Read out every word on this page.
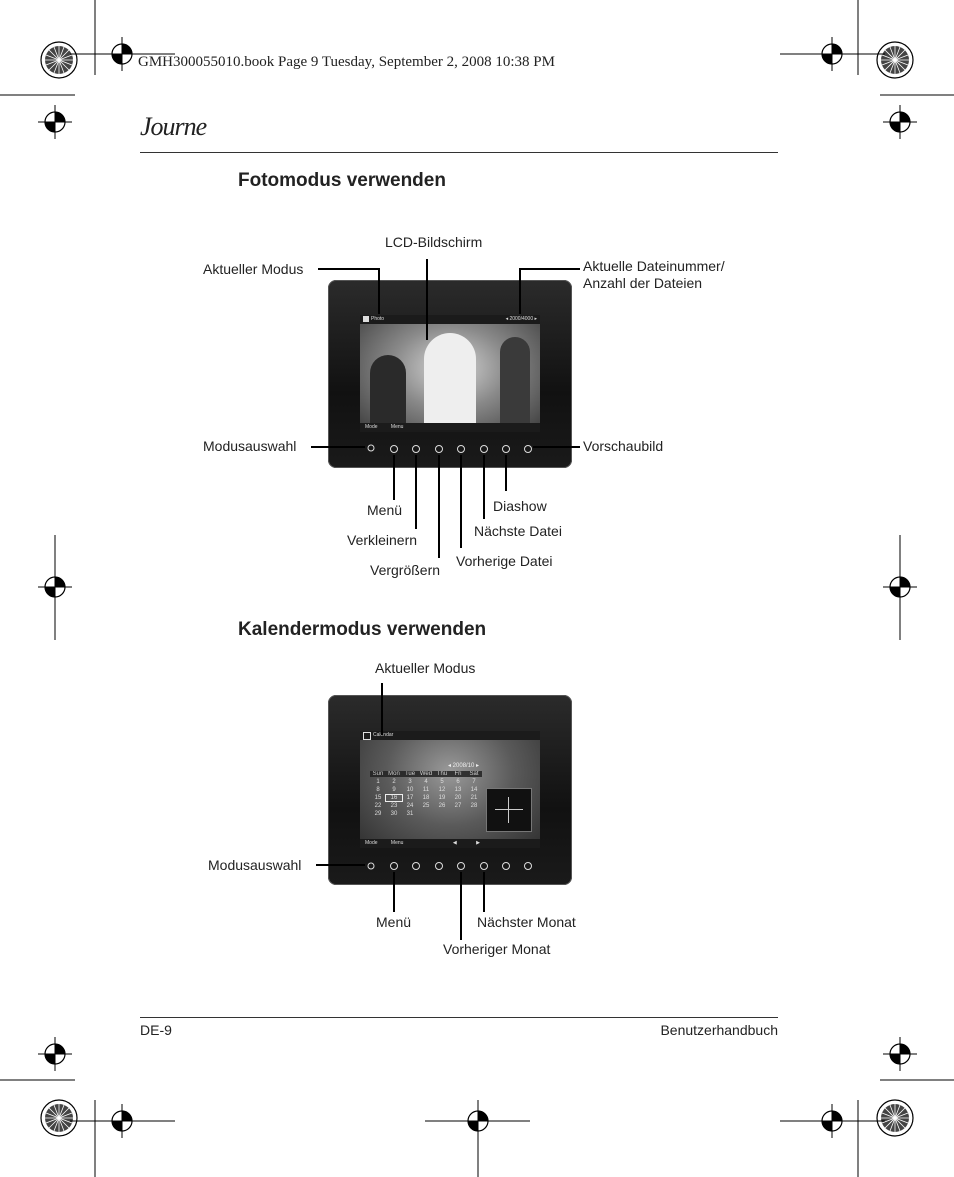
GMH300055010.book Page 9 Tuesday, September 2, 2008 10:38 PM
Journe
Fotomodus verwenden
Photo	◂ 2000/4000 ▸
Mode	Menu
LCD-Bildschirm
Aktueller Modus	Aktuelle Dateinummer/
Anzahl der Dateien
Modusauswahl	Vorschaubild
Menü	Diashow
Nächste Datei
Verkleinern
Vorherige Datei
Vergrößern
Kalendermodus verwenden
Calendar
◂ 2008/10 ▸
Sun Mon Tue Wed Thu	Fri	Sat
1	2	3	4	5	6	7
8	9	10	11	12	13	14
15	16	17	18	19	20	21
22	23	24	25	26	27	28
29	30	31
Mode	Menu	◀	▶
Aktueller Modus
Modusauswahl
Menü	Nächster Monat
Vorheriger Monat
DE-9	Benutzerhandbuch
